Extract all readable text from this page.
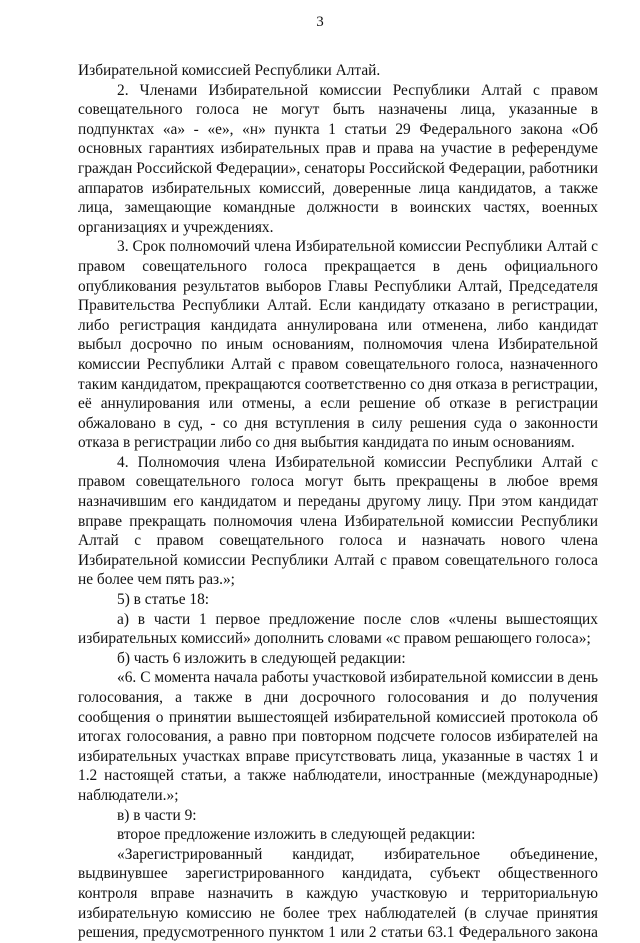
3

Избирательной комиссией Республики Алтай.

2. Членами Избирательной комиссии Республики Алтай с правом совещательного голоса не могут быть назначены лица, указанные в подпунктах «а» - «е», «н» пункта 1 статьи 29 Федерального закона «Об основных гарантиях избирательных прав и права на участие в референдуме граждан Российской Федерации», сенаторы Российской Федерации, работники аппаратов избирательных комиссий, доверенные лица кандидатов, а также лица, замещающие командные должности в воинских частях, военных организациях и учреждениях.

3. Срок полномочий члена Избирательной комиссии Республики Алтай с правом совещательного голоса прекращается в день официального опубликования результатов выборов Главы Республики Алтай, Председателя Правительства Республики Алтай. Если кандидату отказано в регистрации, либо регистрация кандидата аннулирована или отменена, либо кандидат выбыл досрочно по иным основаниям, полномочия члена Избирательной комиссии Республики Алтай с правом совещательного голоса, назначенного таким кандидатом, прекращаются соответственно со дня отказа в регистрации, её аннулирования или отмены, а если решение об отказе в регистрации обжаловано в суд, - со дня вступления в силу решения суда о законности отказа в регистрации либо со дня выбытия кандидата по иным основаниям.

4. Полномочия члена Избирательной комиссии Республики Алтай с правом совещательного голоса могут быть прекращены в любое время назначившим его кандидатом и переданы другому лицу. При этом кандидат вправе прекращать полномочия члена Избирательной комиссии Республики Алтай с правом совещательного голоса и назначать нового члена Избирательной комиссии Республики Алтай с правом совещательного голоса не более чем пять раз.»;

5) в статье 18:

а) в части 1 первое предложение после слов «члены вышестоящих избирательных комиссий» дополнить словами «с правом решающего голоса»;

б) часть 6 изложить в следующей редакции:

«6. С момента начала работы участковой избирательной комиссии в день голосования, а также в дни досрочного голосования и до получения сообщения о принятии вышестоящей избирательной комиссией протокола об итогах голосования, а равно при повторном подсчете голосов избирателей на избирательных участках вправе присутствовать лица, указанные в частях 1 и 1.2 настоящей статьи, а также наблюдатели, иностранные (международные) наблюдатели.»;

в) в части 9:

второе предложение изложить в следующей редакции:

«Зарегистрированный кандидат, избирательное объединение, выдвинувшее зарегистрированного кандидата, субъект общественного контроля вправе назначить в каждую участковую и территориальную избирательную комиссию не более трех наблюдателей (в случае принятия решения, предусмотренного пунктом 1 или 2 статьи 63.1 Федерального закона
